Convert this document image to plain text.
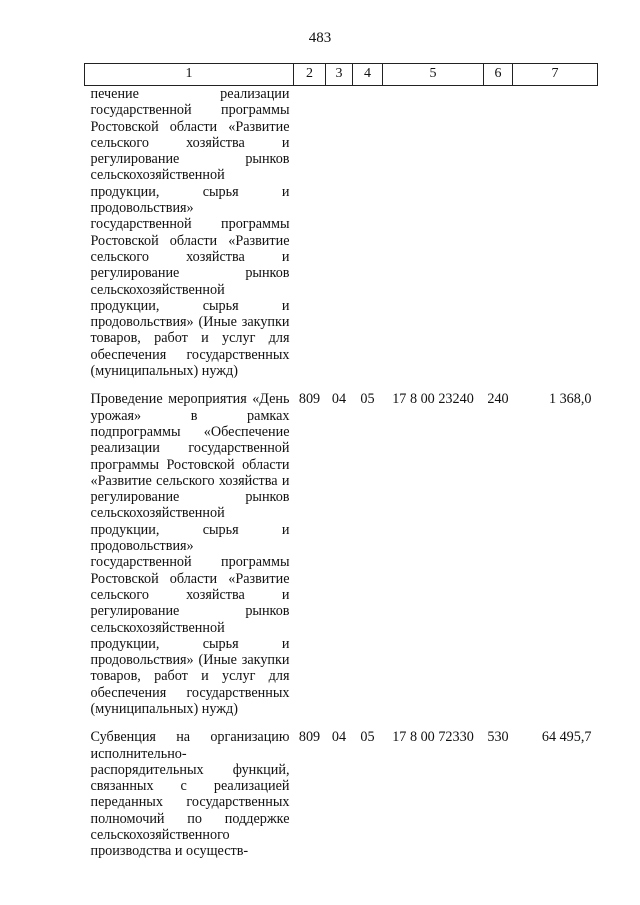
483
1	2	3	4	5	6	7

печение реализации государственной программы Ростовской области «Развитие сельского хозяйства и регулирование рынков сельскохозяйственной продукции, сырья и продовольствия» государственной программы Ростовской области «Развитие сельского хозяйства и регулирование рынков сельскохозяйственной продукции, сырья и продовольствия» (Иные закупки товаров, работ и услуг для обеспечения государственных (муниципальных) нужд)						

Проведение мероприятия «День урожая» в рамках подпрограммы «Обеспечение реализации государственной программы Ростовской области «Развитие сельского хозяйства и регулирование рынков сельскохозяйственной продукции, сырья и продовольствия» государственной программы Ростовской области «Развитие сельского хозяйства и регулирование рынков сельскохозяйственной продукции, сырья и продовольствия» (Иные закупки товаров, работ и услуг для обеспечения государственных (муниципальных) нужд)	809	04	05	17 8 00 23240	240	1 368,0

Субвенция на организацию исполнительно-распорядительных функций, связанных с реализацией переданных государственных полномочий по поддержке сельскохозяйственного производства и осуществ-	809	04	05	17 8 00 72330	530	64 495,7
